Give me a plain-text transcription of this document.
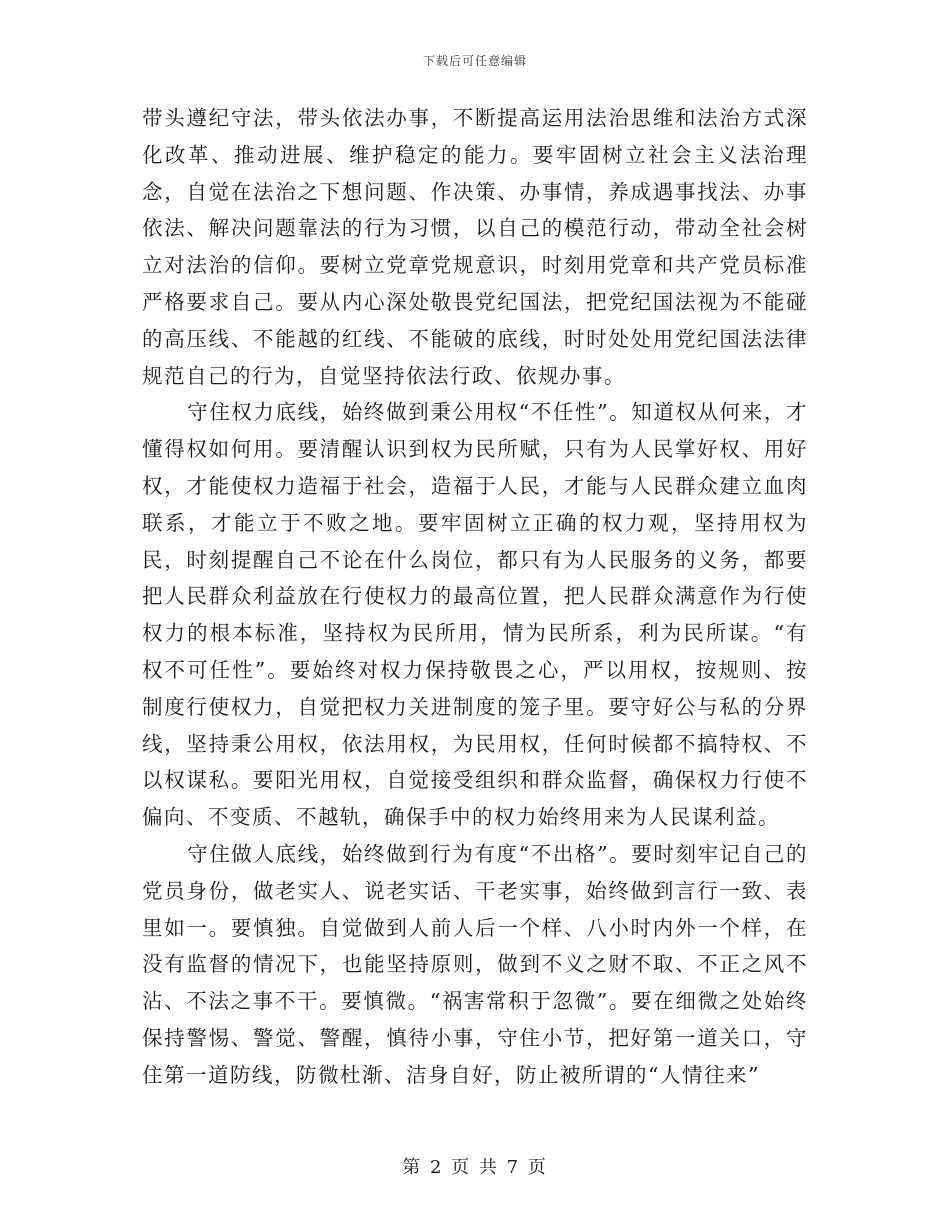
下载后可任意编辑

带头遵纪守法，带头依法办事，不断提高运用法治思维和法治方式深化改革、推动进展、维护稳定的能力。要牢固树立社会主义法治理念，自觉在法治之下想问题、作决策、办事情，养成遇事找法、办事依法、解决问题靠法的行为习惯，以自己的模范行动，带动全社会树立对法治的信仰。要树立党章党规意识，时刻用党章和共产党员标准严格要求自己。要从内心深处敬畏党纪国法，把党纪国法视为不能碰的高压线、不能越的红线、不能破的底线，时时处处用党纪国法法律规范自己的行为，自觉坚持依法行政、依规办事。

守住权力底线，始终做到秉公用权“不任性”。知道权从何来，才懂得权如何用。要清醒认识到权为民所赋，只有为人民掌好权、用好权，才能使权力造福于社会，造福于人民，才能与人民群众建立血肉联系，才能立于不败之地。要牢固树立正确的权力观，坚持用权为民，时刻提醒自己不论在什么岗位，都只有为人民服务的义务，都要把人民群众利益放在行使权力的最高位置，把人民群众满意作为行使权力的根本标准，坚持权为民所用，情为民所系，利为民所谋。“有权不可任性”。要始终对权力保持敬畏之心，严以用权，按规则、按制度行使权力，自觉把权力关进制度的笼子里。要守好公与私的分界线，坚持秉公用权，依法用权，为民用权，任何时候都不搞特权、不以权谋私。要阳光用权，自觉接受组织和群众监督，确保权力行使不偏向、不变质、不越轨，确保手中的权力始终用来为人民谋利益。

守住做人底线，始终做到行为有度“不出格”。要时刻牢记自己的党员身份，做老实人、说老实话、干老实事，始终做到言行一致、表里如一。要慎独。自觉做到人前人后一个样、八小时内外一个样，在没有监督的情况下，也能坚持原则，做到不义之财不取、不正之风不沾、不法之事不干。要慎微。“祸害常积于忽微”。要在细微之处始终保持警惕、警觉、警醒，慎待小事，守住小节，把好第一道关口，守住第一道防线，防微杜渐、洁身自好，防止被所谓的“人情往来”

第 2 页 共 7 页
